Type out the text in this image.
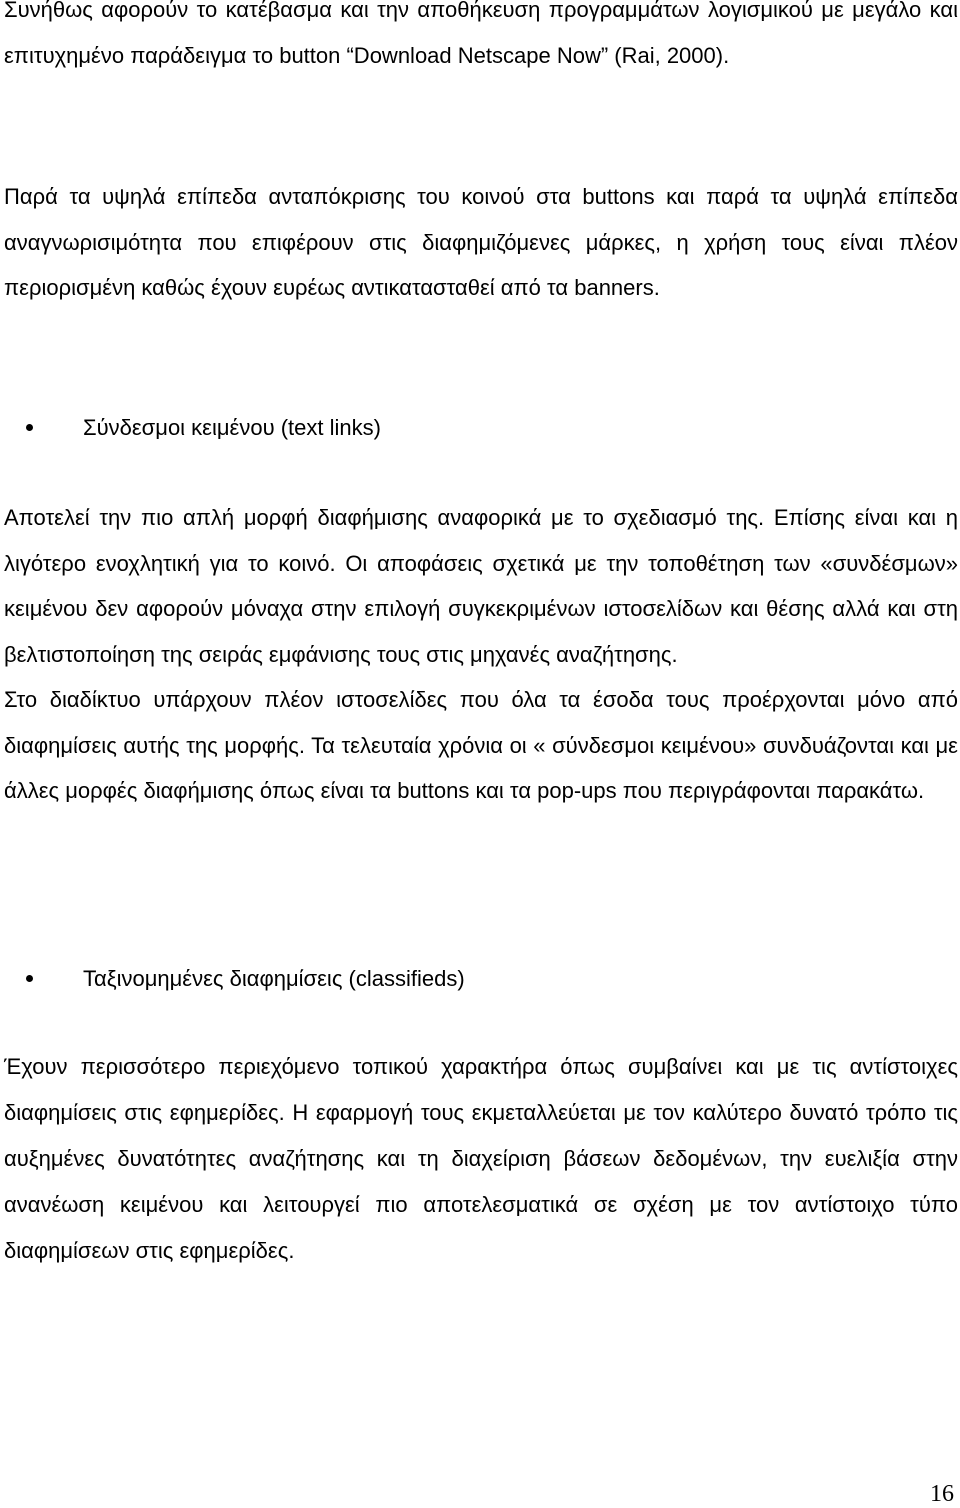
Συνήθως αφορούν το κατέβασμα και την αποθήκευση προγραμμάτων λογισμικού με μεγάλο και επιτυχημένο παράδειγμα το button “Download Netscape Now” (Rai, 2000).

Παρά τα υψηλά επίπεδα ανταπόκρισης του κοινού στα buttons και παρά τα υψηλά επίπεδα αναγνωρισιμότητα που επιφέρουν στις διαφημιζόμενες μάρκες, η χρήση τους είναι πλέον περιορισμένη καθώς έχουν ευρέως αντικατασταθεί από τα banners.

Σύνδεσμοι κειμένου (text links)
Αποτελεί την πιο απλή μορφή διαφήμισης αναφορικά με το σχεδιασμό της. Επίσης είναι και η λιγότερο ενοχλητική για το κοινό. Οι αποφάσεις σχετικά με την τοποθέτηση των «συνδέσμων» κειμένου δεν αφορούν μόναχα στην επιλογή συγκεκριμένων ιστοσελίδων και θέσης αλλά και στη βελτιστοποίηση της σειράς εμφάνισης τους στις μηχανές αναζήτησης.
Στο διαδίκτυο υπάρχουν πλέον ιστοσελίδες που όλα τα έσοδα τους προέρχονται μόνο από διαφημίσεις αυτής της μορφής. Τα τελευταία χρόνια οι « σύνδεσμοι κειμένου» συνδυάζονται και με άλλες μορφές διαφήμισης όπως είναι τα buttons και τα pop-ups που περιγράφονται παρακάτω.
Ταξινομημένες διαφημίσεις (classifieds)

Έχουν περισσότερο περιεχόμενο τοπικού χαρακτήρα όπως συμβαίνει και με τις αντίστοιχες διαφημίσεις στις εφημερίδες. Η εφαρμογή τους εκμεταλλεύεται με τον καλύτερο δυνατό τρόπο τις αυξημένες δυνατότητες αναζήτησης και τη διαχείριση βάσεων δεδομένων, την ευελιξία στην ανανέωση κειμένου και λειτουργεί πιο αποτελεσματικά σε σχέση με τον αντίστοιχο τύπο διαφημίσεων στις εφημερίδες.

16
